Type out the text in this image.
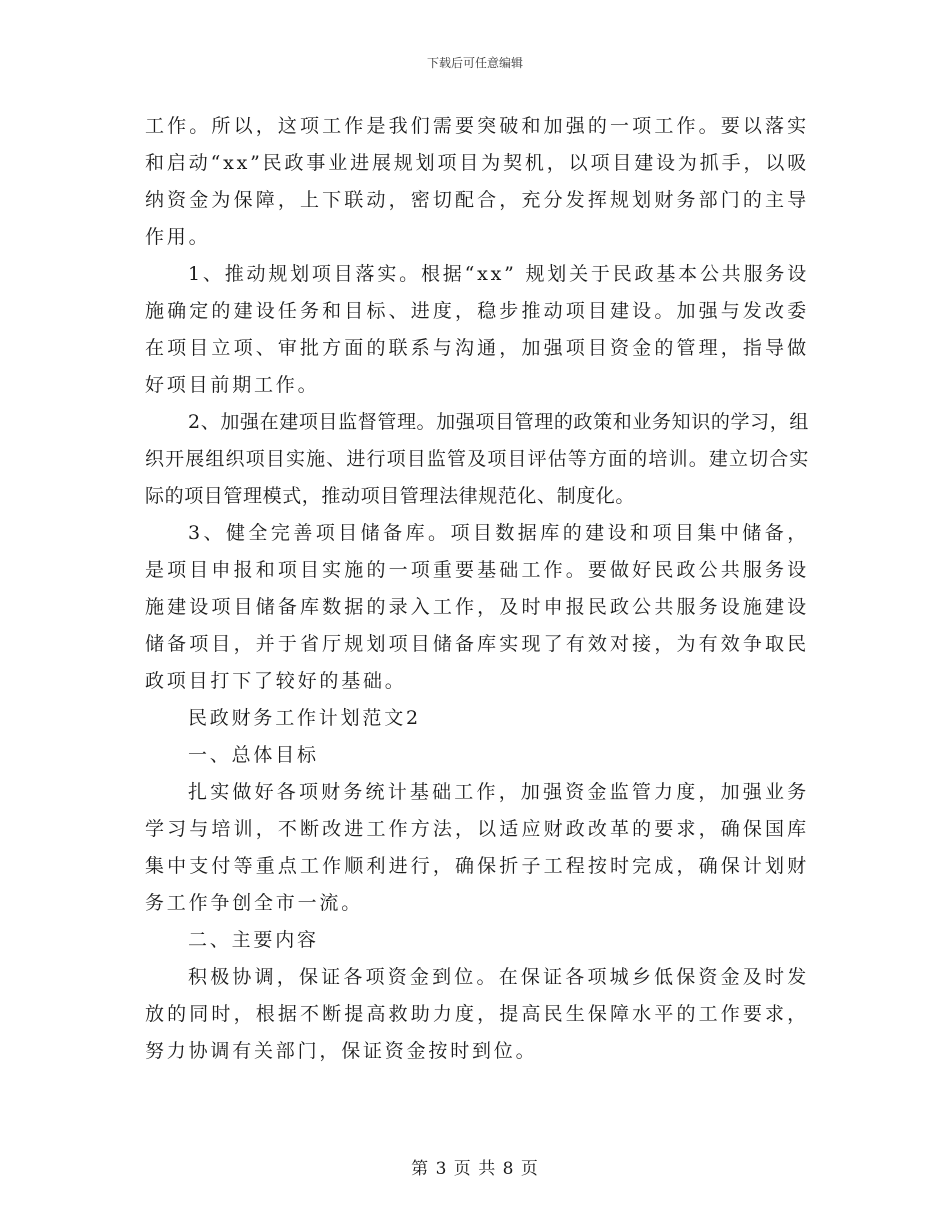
下载后可任意编辑

工作。所以，这项工作是我们需要突破和加强的一项工作。要以落实和启动“xx”民政事业进展规划项目为契机，以项目建设为抓手，以吸纳资金为保障，上下联动，密切配合，充分发挥规划财务部门的主导作用。

1、推动规划项目落实。根据“xx” 规划关于民政基本公共服务设施确定的建设任务和目标、进度，稳步推动项目建设。加强与发改委在项目立项、审批方面的联系与沟通，加强项目资金的管理，指导做好项目前期工作。

2、加强在建项目监督管理。加强项目管理的政策和业务知识的学习，组织开展组织项目实施、进行项目监管及项目评估等方面的培训。建立切合实际的项目管理模式，推动项目管理法律规范化、制度化。

3、健全完善项目储备库。项目数据库的建设和项目集中储备，是项目申报和项目实施的一项重要基础工作。要做好民政公共服务设施建设项目储备库数据的录入工作，及时申报民政公共服务设施建设储备项目，并于省厅规划项目储备库实现了有效对接，为有效争取民政项目打下了较好的基础。

民政财务工作计划范文2

一、总体目标

扎实做好各项财务统计基础工作，加强资金监管力度，加强业务学习与培训，不断改进工作方法，以适应财政改革的要求，确保国库集中支付等重点工作顺利进行，确保折子工程按时完成，确保计划财务工作争创全市一流。

二、主要内容

积极协调，保证各项资金到位。在保证各项城乡低保资金及时发放的同时，根据不断提高救助力度，提高民生保障水平的工作要求，努力协调有关部门，保证资金按时到位。

第 3 页 共 8 页
